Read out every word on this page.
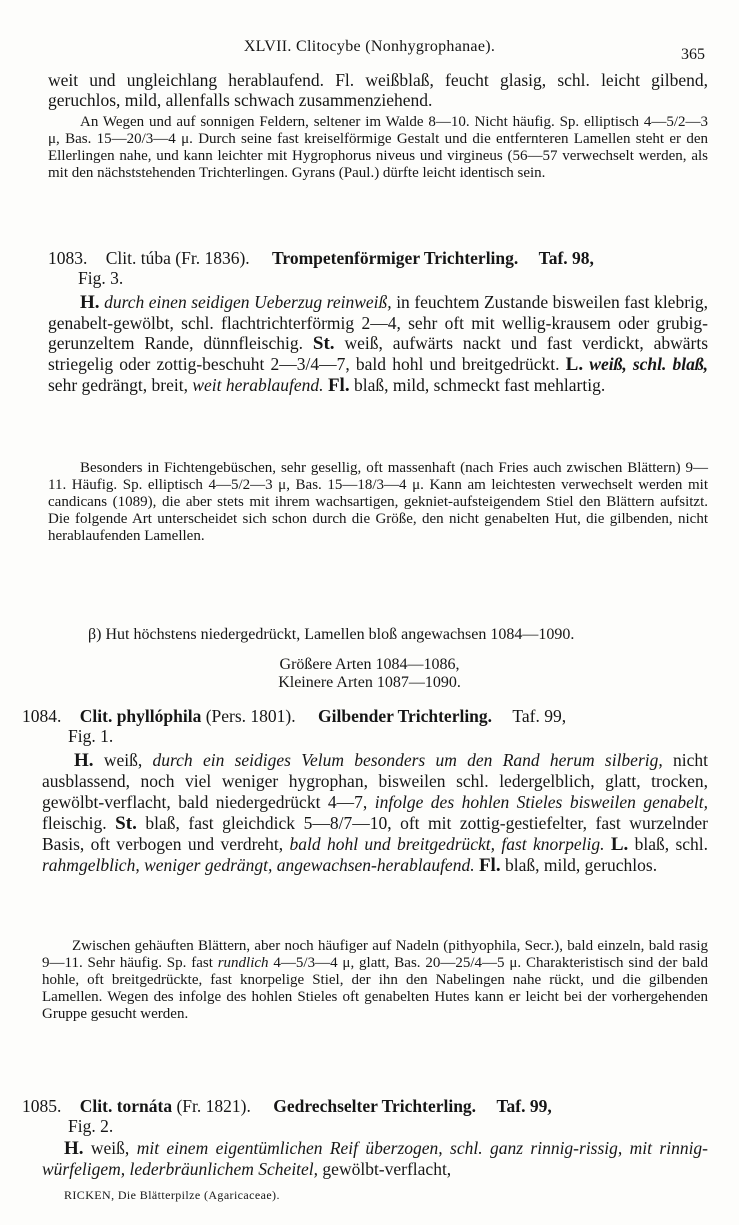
XLVII. Clitocybe (Nonhygrophanae).	365

weit und ungleichlang herablaufend. Fl. weißblaß, feucht glasig, schl. leicht gilbend, geruchlos, mild, allenfalls schwach zusammenziehend.

An Wegen und auf sonnigen Feldern, seltener im Walde 8—10. Nicht häufig. Sp. elliptisch 4—5/2—3 μ, Bas. 15—20/3—4 μ. Durch seine fast kreiselförmige Gestalt und die entfernteren Lamellen steht er den Ellerlingen nahe, und kann leichter mit Hygrophorus niveus und virgineus (56—57 verwechselt werden, als mit den nächststehenden Trichterlingen. Gyrans (Paul.) dürfte leicht identisch sein.

1083. Clit. túba (Fr. 1836). Trompetenförmiger Trichterling. Taf. 98,
Fig. 3.

H. durch einen seidigen Ueberzug reinweiß, in feuchtem Zustande bisweilen fast klebrig, genabelt-gewölbt, schl. flachtrichterförmig 2—4, sehr oft mit wellig-krausem oder grubig-gerunzeltem Rande, dünnfleischig. St. weiß, aufwärts nackt und fast verdickt, abwärts striegelig oder zottig-beschuht 2—3/4—7, bald hohl und breitgedrückt. L. weiß, schl. blaß, sehr gedrängt, breit, weit herablaufend. Fl. blaß, mild, schmeckt fast mehlartig.

Besonders in Fichtengebüschen, sehr gesellig, oft massenhaft (nach Fries auch zwischen Blättern) 9—11. Häufig. Sp. elliptisch 4—5/2—3 μ, Bas. 15—18/3—4 μ. Kann am leichtesten verwechselt werden mit candicans (1089), die aber stets mit ihrem wachsartigen, gekniet-aufsteigendem Stiel den Blättern aufsitzt. Die folgende Art unterscheidet sich schon durch die Größe, den nicht genabelten Hut, die gilbenden, nicht herablaufenden Lamellen.

β) Hut höchstens niedergedrückt, Lamellen bloß angewachsen 1084—1090.

Größere Arten 1084—1086,
Kleinere Arten 1087—1090.
1084. Clit. phyllóphila (Pers. 1801). Gilbender Trichterling. Taf. 99,
Fig. 1.

H. weiß, durch ein seidiges Velum besonders um den Rand herum silberig, nicht ausblassend, noch viel weniger hygrophan, bisweilen schl. ledergelblich, glatt, trocken, gewölbt-verflacht, bald niedergedrückt 4—7, infolge des hohlen Stieles bisweilen genabelt, fleischig. St. blaß, fast gleichdick 5—8/7—10, oft mit zottig-gestiefelter, fast wurzelnder Basis, oft verbogen und verdreht, bald hohl und breitgedrückt, fast knorpelig. L. blaß, schl. rahmgelblich, weniger gedrängt, angewachsen-herablaufend. Fl. blaß, mild, geruchlos.

Zwischen gehäuften Blättern, aber noch häufiger auf Nadeln (pithyophila, Secr.), bald einzeln, bald rasig 9—11. Sehr häufig. Sp. fast rundlich 4—5/3—4 μ, glatt, Bas. 20—25/4—5 μ. Charakteristisch sind der bald hohle, oft breitgedrückte, fast knorpelige Stiel, der ihn den Nabelingen nahe rückt, und die gilbenden Lamellen. Wegen des infolge des hohlen Stieles oft genabelten Hutes kann er leicht bei der vorhergehenden Gruppe gesucht werden.

1085. Clit. tornáta (Fr. 1821). Gedrechselter Trichterling. Taf. 99,
Fig. 2.

H. weiß, mit einem eigentümlichen Reif überzogen, schl. ganz rinnig-rissig, mit rinnig-würfeligem, lederbräunlichem Scheitel, gewölbt-verflacht,

RICKEN, Die Blätterpilze (Agaricaceae).
